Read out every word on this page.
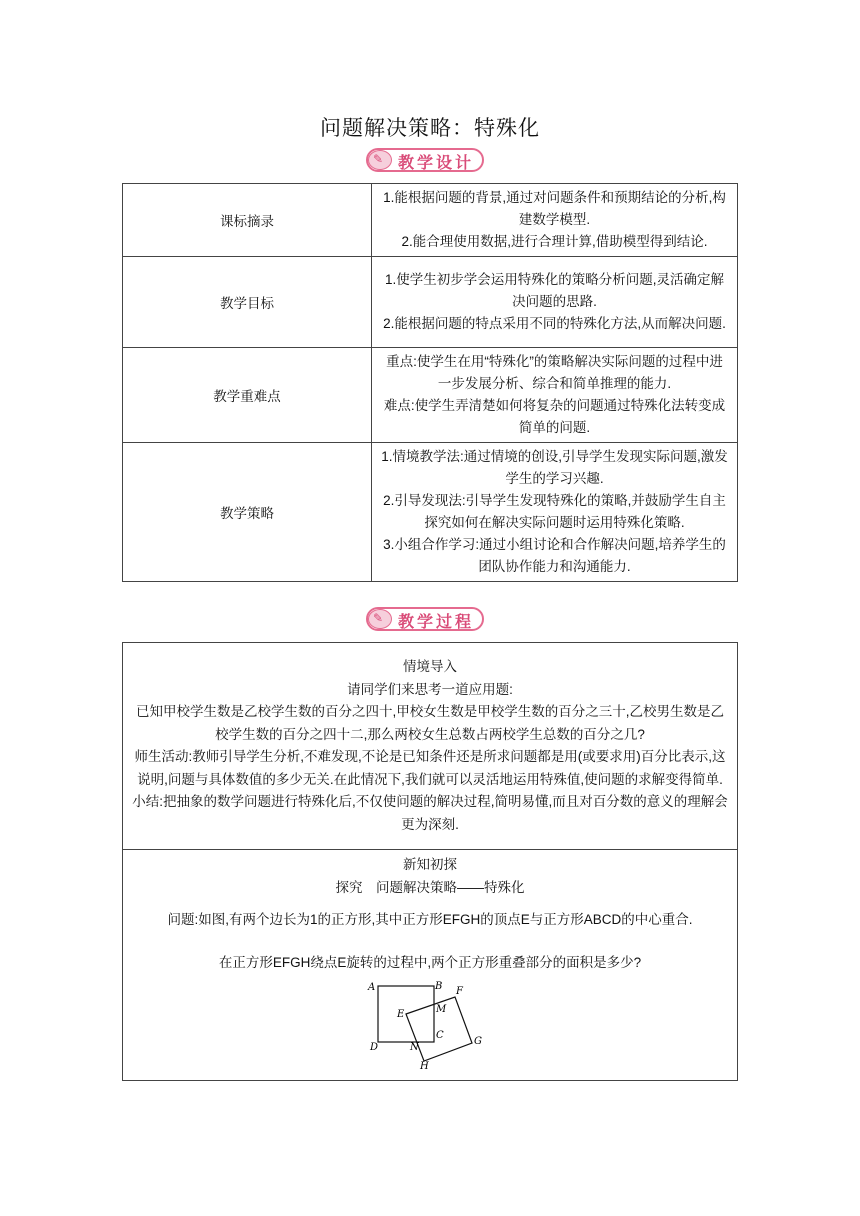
问题解决策略：特殊化
✎ 教学设计
课标摘录	1.能根据问题的背景,通过对问题条件和预期结论的分析,构建数学模型.

2.能合理使用数据,进行合理计算,借助模型得到结论.

教学目标	1.使学生初步学会运用特殊化的策略分析问题,灵活确定解决问题的思路.

2.能根据问题的特点采用不同的特殊化方法,从而解决问题.

教学重难点	重点:使学生在用“特殊化”的策略解决实际问题的过程中进一步发展分析、综合和简单推理的能力.

难点:使学生弄清楚如何将复杂的问题通过特殊化法转变成简单的问题.

教学策略	1.情境教学法:通过情境的创设,引导学生发现实际问题,激发学生的学习兴趣.

2.引导发现法:引导学生发现特殊化的策略,并鼓励学生自主探究如何在解决实际问题时运用特殊化策略.

3.小组合作学习:通过小组讨论和合作解决问题,培养学生的团队协作能力和沟通能力.

✎ 教学过程

情境导入

请同学们来思考一道应用题:

已知甲校学生数是乙校学生数的百分之四十,甲校女生数是甲校学生数的百分之三十,乙校男生数是乙校学生数的百分之四十二,那么两校女生总数占两校学生总数的百分之几?

师生活动:教师引导学生分析,不难发现,不论是已知条件还是所求问题都是用(或要求用)百分比表示,这说明,问题与具体数值的多少无关.在此情况下,我们就可以灵活地运用特殊值,使问题的求解变得简单.

小结:把抽象的数学问题进行特殊化后,不仅使问题的解决过程,简明易懂,而且对百分数的意义的理解会更为深刻.

新知初探

探究　问题解决策略——特殊化

问题:如图,有两个边长为1的正方形,其中正方形EFGH的顶点E与正方形ABCD的中心重合.

在正方形EFGH绕点E旋转的过程中,两个正方形重叠部分的面积是多少?

A	B F
E	M
C
G
D	N
H
